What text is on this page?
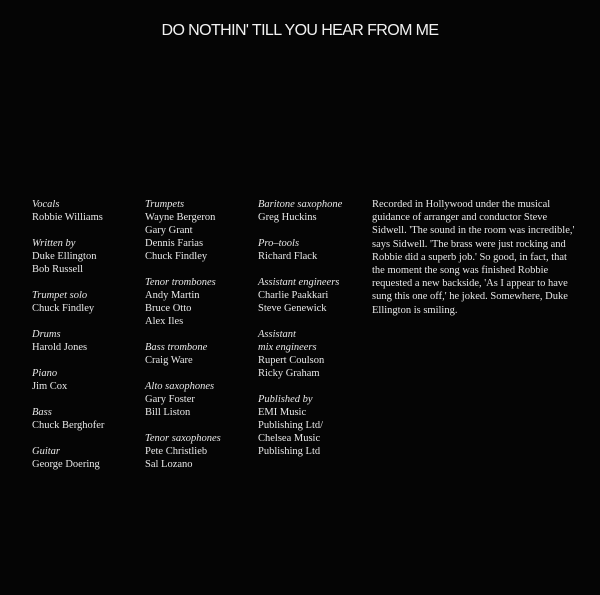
DO NOTHIN' TILL YOU HEAR FROM ME
Vocals
Robbie Williams
Written by
Duke Ellington
Bob Russell
Trumpet solo
Chuck Findley
Drums
Harold Jones
Piano
Jim Cox
Bass
Chuck Berghofer
Guitar
George Doering
Trumpets
Wayne Bergeron
Gary Grant
Dennis Farias
Chuck Findley
Tenor trombones
Andy Martin
Bruce Otto
Alex Iles
Bass trombone
Craig Ware
Alto saxophones
Gary Foster
Bill Liston
Tenor saxophones
Pete Christlieb
Sal Lozano
Baritone saxophone
Greg Huckins
Pro–tools
Richard Flack
Assistant engineers
Charlie Paakkari
Steve Genewick
Assistant
mix engineers
Rupert Coulson
Ricky Graham
Published by
EMI Music
Publishing Ltd/
Chelsea Music
Publishing Ltd

Recorded in Hollywood under the musical

guidance of arranger and conductor Steve

Sidwell. 'The sound in the room was incredible,'

says Sidwell. 'The brass were just rocking and

Robbie did a superb job.' So good, in fact, that

the moment the song was finished Robbie

requested a new backside, 'As I appear to have

sung this one off,' he joked. Somewhere, Duke

Ellington is smiling.
